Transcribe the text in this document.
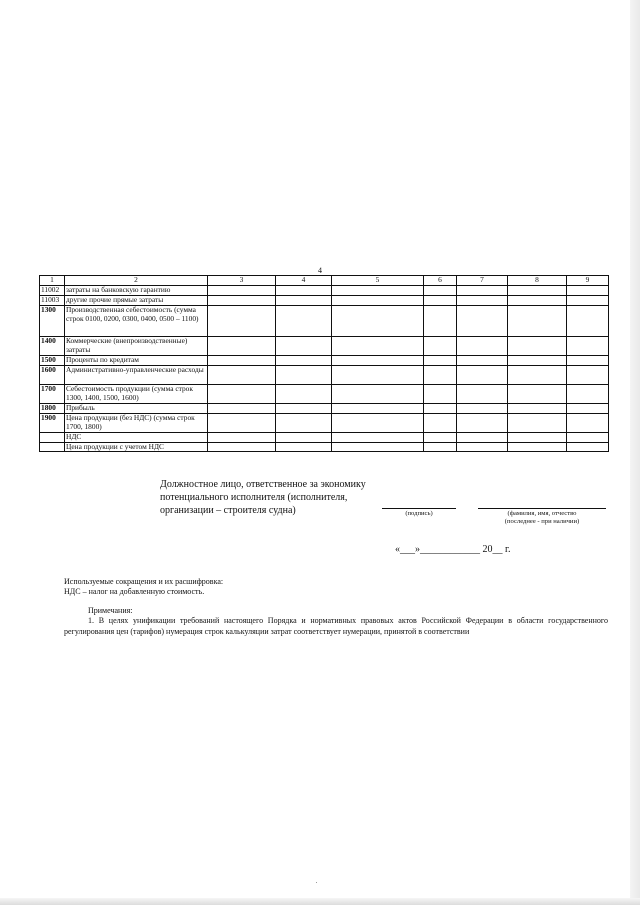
4
1	2	3	4	5	6	7	8	9
11002	затраты на банковскую гарантию							
11003	другие прочие прямые затраты							
1300	Производственная себестоимость (сумма строк 0100, 0200, 0300, 0400, 0500 – 1100)							
1400	Коммерческие (внепроизводственные) затраты							
1500	Проценты по кредитам							
1600	Административно-управленческие расходы							
1700	Себестоимость продукции (сумма строк 1300, 1400, 1500, 1600)							
1800	Прибыль							
1900	Цена продукции (без НДС) (сумма строк 1700, 1800)							
	НДС							
	Цена продукции с учетом НДС							
Должностное лицо, ответственное за экономику
потенциального исполнителя (исполнителя,
организации – строителя судна)	(подпись)	(фамилия, имя, отчество
(последнее - при наличии)
«___»____________ 20__ г.
Используемые сокращения и их расшифровка:
НДС – налог на добавленную стоимость.
Примечания:
1. В целях унификации требований настоящего Порядка и нормативных правовых актов Российской Федерации в области государственного регулирования цен (тарифов) нумерация строк калькуляции затрат соответствует нумерации, принятой в соответствии
